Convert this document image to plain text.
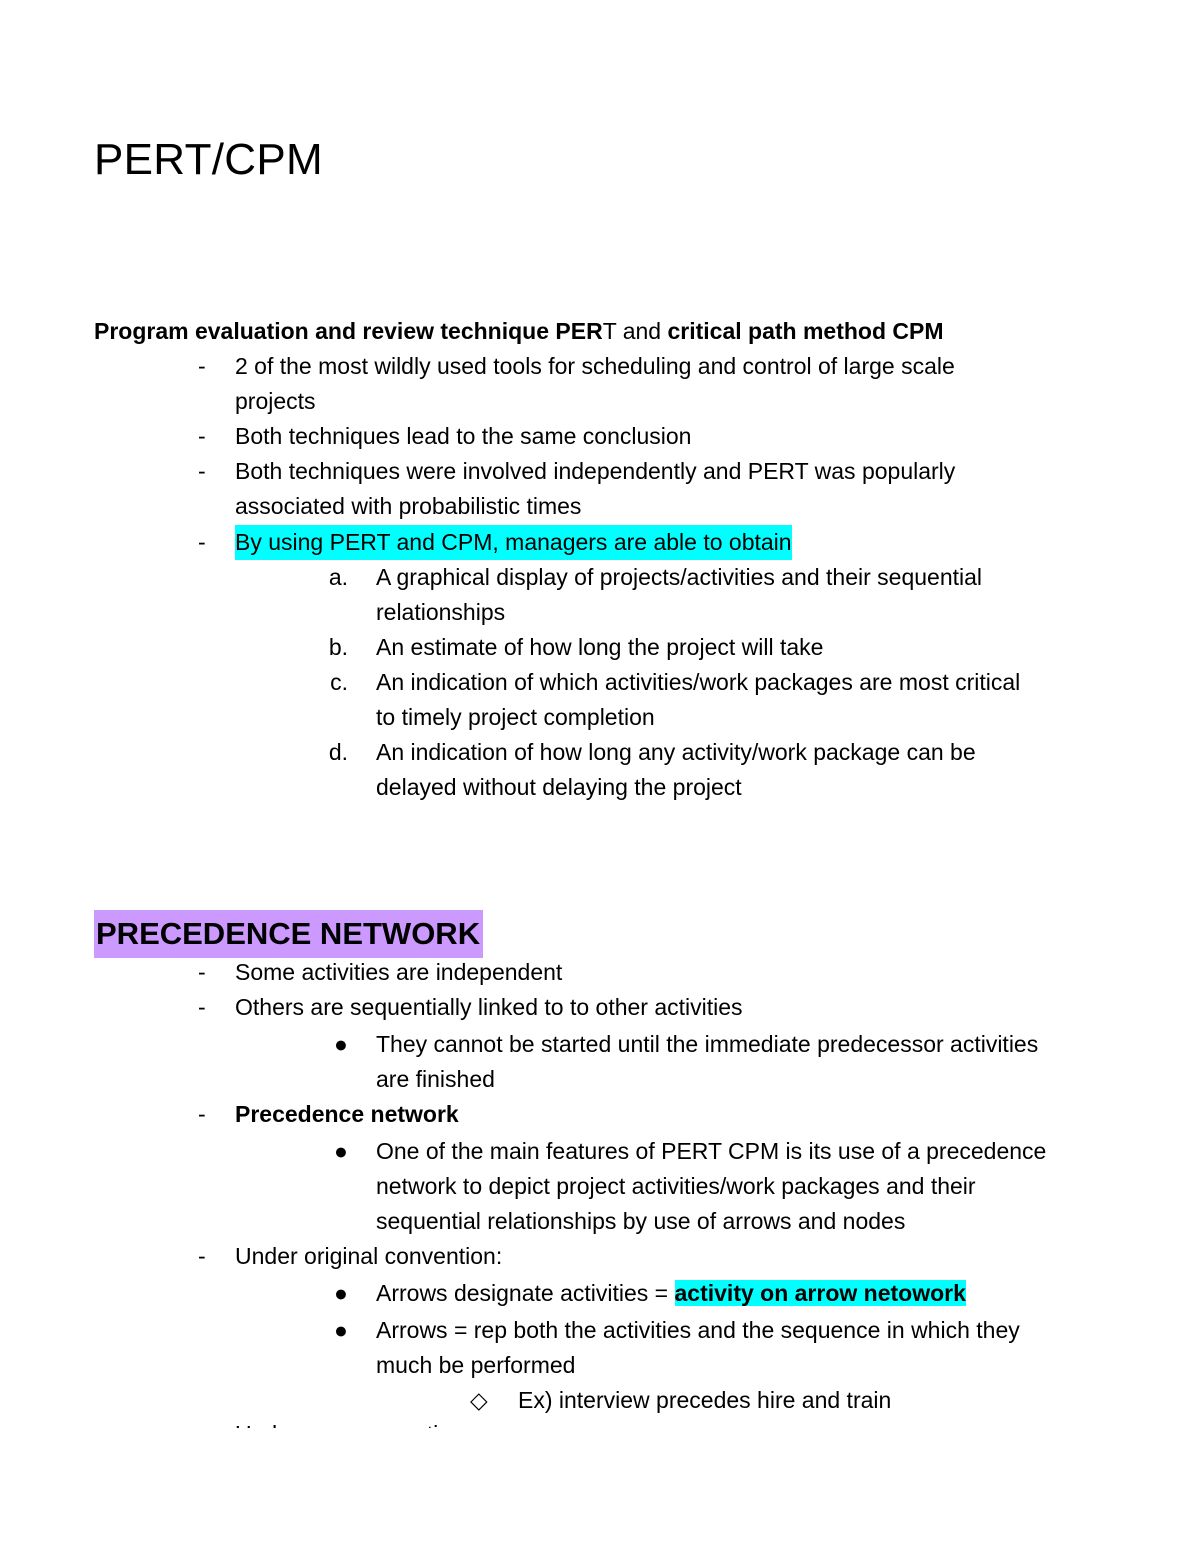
PERT/CPM
Program evaluation and review technique PERT and critical path method CPM
- 2 of the most wildly used tools for scheduling and control of large scale
projects
- Both techniques lead to the same conclusion
- Both techniques were involved independently and PERT was popularly
associated with probabilistic times
- By using PERT and CPM, managers are able to obtain
a. A graphical display of projects/activities and their sequential
relationships
b. An estimate of how long the project will take
c. An indication of which activities/work packages are most critical
to timely project completion
d. An indication of how long any activity/work package can be
delayed without delaying the project
PRECEDENCE NETWORK
- Some activities are independent
- Others are sequentially linked to to other activities
● They cannot be started until the immediate predecessor activities
are finished
- Precedence network
● One of the main features of PERT CPM is its use of a precedence
network to depict project activities/work packages and their
sequential relationships by use of arrows and nodes
- Under original convention:
● Arrows designate activities = activity on arrow netowork
● Arrows = rep both the activities and the sequence in which they
much be performed
◇ Ex) interview precedes hire and train
